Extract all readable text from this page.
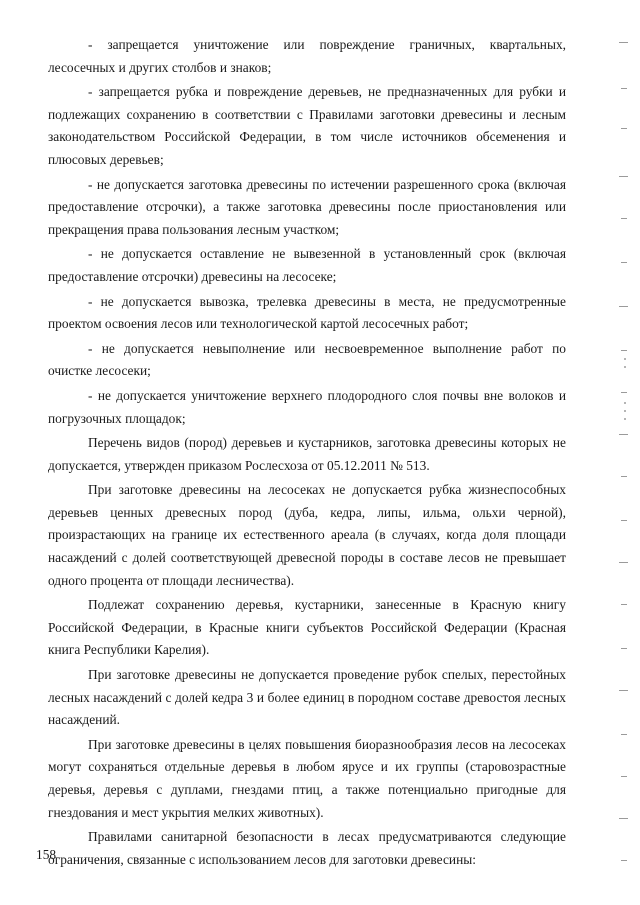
- запрещается уничтожение или повреждение граничных, квартальных, лесосечных и других столбов и знаков;

- запрещается рубка и повреждение деревьев, не предназначенных для рубки и подлежащих сохранению в соответствии с Правилами заготовки древесины и лесным законодательством Российской Федерации, в том числе источников обсеменения и плюсовых деревьев;

- не допускается заготовка древесины по истечении разрешенного срока (включая предоставление отсрочки), а также заготовка древесины после приостановления или прекращения права пользования лесным участком;

- не допускается оставление не вывезенной в установленный срок (включая предоставление отсрочки) древесины на лесосеке;

- не допускается вывозка, трелевка древесины в места, не предусмотренные проектом освоения лесов или технологической картой лесосечных работ;

- не допускается невыполнение или несвоевременное выполнение работ по очистке лесосеки;

- не допускается уничтожение верхнего плодородного слоя почвы вне волоков и погрузочных площадок;

Перечень видов (пород) деревьев и кустарников, заготовка древесины которых не допускается, утвержден приказом Рослесхоза от 05.12.2011 № 513.

При заготовке древесины на лесосеках не допускается рубка жизнеспособных деревьев ценных древесных пород (дуба, кедра, липы, ильма, ольхи черной), произрастающих на границе их естественного ареала (в случаях, когда доля площади насаждений с долей соответствующей древесной породы в составе лесов не превышает одного процента от площади лесничества).

Подлежат сохранению деревья, кустарники, занесенные в Красную книгу Российской Федерации, в Красные книги субъектов Российской Федерации (Красная книга Республики Карелия).

При заготовке древесины не допускается проведение рубок спелых, перестойных лесных насаждений с долей кедра 3 и более единиц в породном составе древостоя лесных насаждений.

При заготовке древесины в целях повышения биоразнообразия лесов на лесосеках могут сохраняться отдельные деревья в любом ярусе и их группы (старовозрастные деревья, деревья с дуплами, гнездами птиц, а также потенциально пригодные для гнездования и мест укрытия мелких животных).

Правилами санитарной безопасности в лесах предусматриваются следующие ограничения, связанные с использованием лесов для заготовки древесины:

158
